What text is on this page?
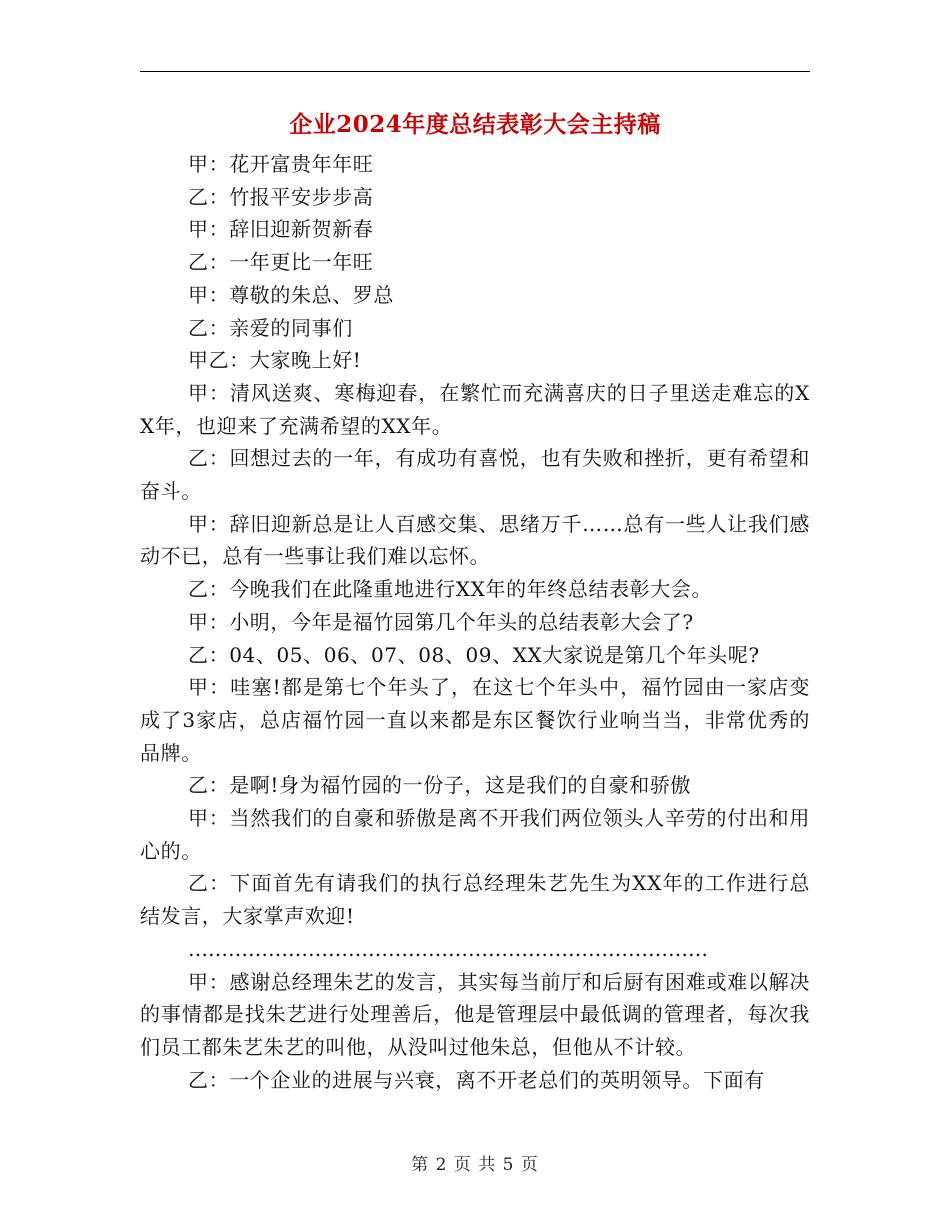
企业2024年度总结表彰大会主持稿

甲：花开富贵年年旺

乙：竹报平安步步高

甲：辞旧迎新贺新春

乙：一年更比一年旺

甲：尊敬的朱总、罗总

乙：亲爱的同事们

甲乙：大家晚上好!

甲：清风送爽、寒梅迎春，在繁忙而充满喜庆的日子里送走难忘的XX年，也迎来了充满希望的XX年。

乙：回想过去的一年，有成功有喜悦，也有失败和挫折，更有希望和奋斗。

甲：辞旧迎新总是让人百感交集、思绪万千……总有一些人让我们感动不已，总有一些事让我们难以忘怀。

乙：今晚我们在此隆重地进行XX年的年终总结表彰大会。

甲：小明，今年是福竹园第几个年头的总结表彰大会了?

乙：04、05、06、07、08、09、XX大家说是第几个年头呢?

甲：哇塞!都是第七个年头了，在这七个年头中，福竹园由一家店变成了3家店，总店福竹园一直以来都是东区餐饮行业响当当，非常优秀的品牌。

乙：是啊!身为福竹园的一份子，这是我们的自豪和骄傲

甲：当然我们的自豪和骄傲是离不开我们两位领头人辛劳的付出和用心的。

乙：下面首先有请我们的执行总经理朱艺先生为XX年的工作进行总结发言，大家掌声欢迎!

……………………………………………………………………

甲：感谢总经理朱艺的发言，其实每当前厅和后厨有困难或难以解决的事情都是找朱艺进行处理善后，他是管理层中最低调的管理者，每次我们员工都朱艺朱艺的叫他，从没叫过他朱总，但他从不计较。

乙：一个企业的进展与兴衰，离不开老总们的英明领导。下面有

第 2 页 共 5 页
